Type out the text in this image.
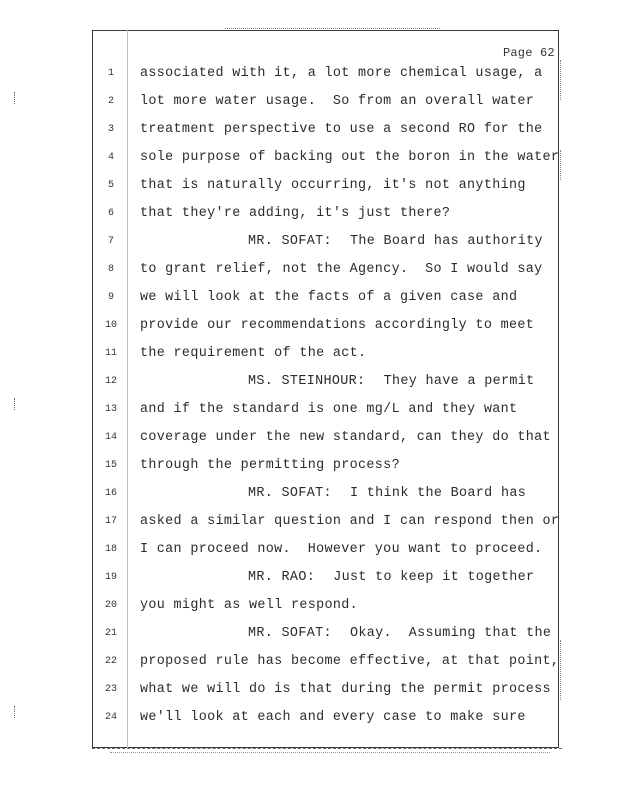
Page 62
1	associated with it, a lot more chemical usage, a
2	lot more water usage.  So from an overall water
3	treatment perspective to use a second RO for the
4	sole purpose of backing out the boron in the water
5	that is naturally occurring, it's not anything
6	that they're adding, it's just there?
7	MR. SOFAT: The Board has authority
8	to grant relief, not the Agency.  So I would say
9	we will look at the facts of a given case and
10	provide our recommendations accordingly to meet
11	the requirement of the act.
12	MS. STEINHOUR: They have a permit
13	and if the standard is one mg/L and they want
14	coverage under the new standard, can they do that
15	through the permitting process?
16	MR. SOFAT: I think the Board has
17	asked a similar question and I can respond then or
18	I can proceed now.  However you want to proceed.
19	MR. RAO: Just to keep it together
20	you might as well respond.
21	MR. SOFAT: Okay.  Assuming that the
22	proposed rule has become effective, at that point,
23	what we will do is that during the permit process
24	we'll look at each and every case to make sure
